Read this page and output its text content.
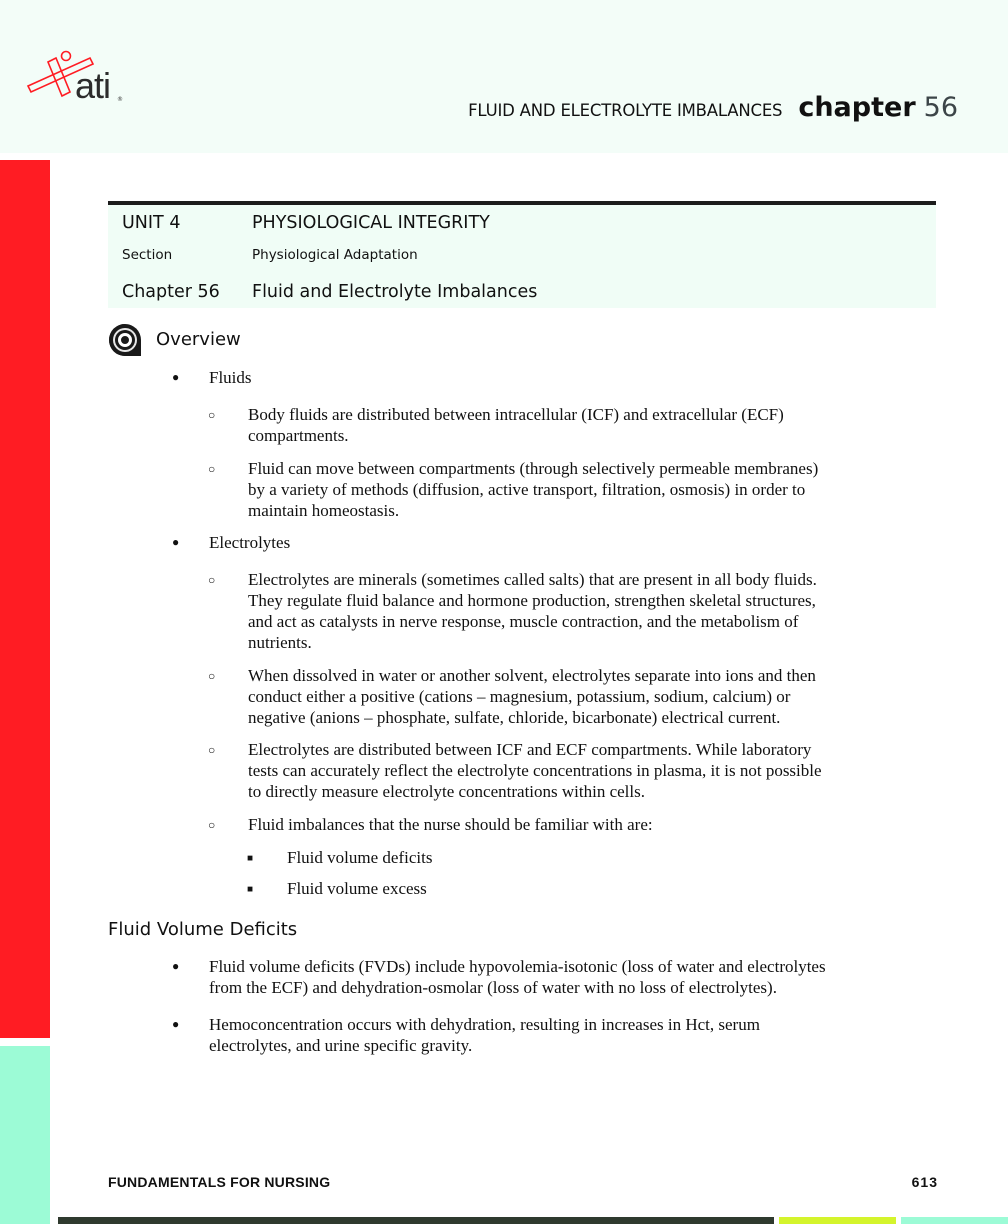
ati ®
FLUID AND ELECTROLYTE IMBALANCES chapter 56
UNIT 4	PHYSIOLOGICAL INTEGRITY
Section	Physiological Adaptation
Chapter 56	Fluid and Electrolyte Imbalances
Overview
● Fluids
○ Body fluids are distributed between intracellular (ICF) and extracellular (ECF)
compartments.
○ Fluid can move between compartments (through selectively permeable membranes)
by a variety of methods (diffusion, active transport, filtration, osmosis) in order to
maintain homeostasis.
● Electrolytes
○ Electrolytes are minerals (sometimes called salts) that are present in all body fluids.
They regulate fluid balance and hormone production, strengthen skeletal structures,
and act as catalysts in nerve response, muscle contraction, and the metabolism of
nutrients.
○ When dissolved in water or another solvent, electrolytes separate into ions and then
conduct either a positive (cations – magnesium, potassium, sodium, calcium) or
negative (anions – phosphate, sulfate, chloride, bicarbonate) electrical current.
○ Electrolytes are distributed between ICF and ECF compartments. While laboratory
tests can accurately reflect the electrolyte concentrations in plasma, it is not possible
to directly measure electrolyte concentrations within cells.
○ Fluid imbalances that the nurse should be familiar with are:
■ Fluid volume deficits
■ Fluid volume excess
Fluid Volume Deficits
● Fluid volume deficits (FVDs) include hypovolemia-isotonic (loss of water and electrolytes
from the ECF) and dehydration-osmolar (loss of water with no loss of electrolytes).
● Hemoconcentration occurs with dehydration, resulting in increases in Hct, serum
electrolytes, and urine specific gravity.
FUNDAMENTALS FOR NURSING	613
